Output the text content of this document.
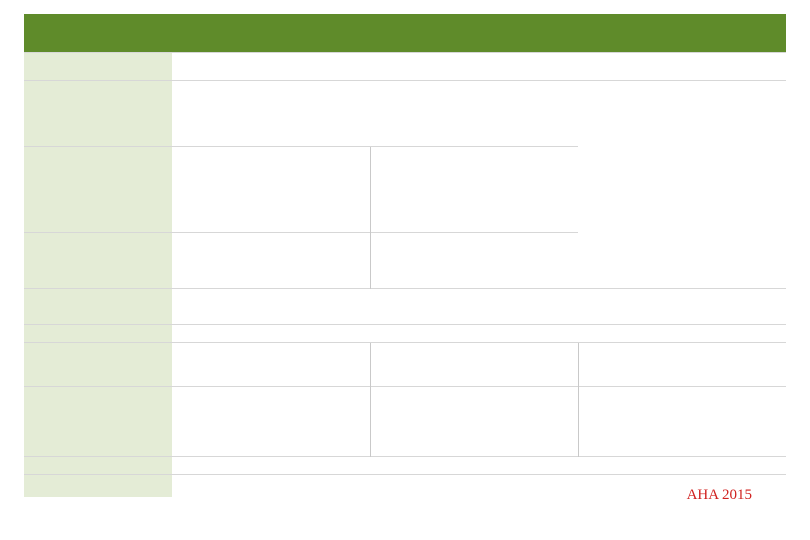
AHA 2015
